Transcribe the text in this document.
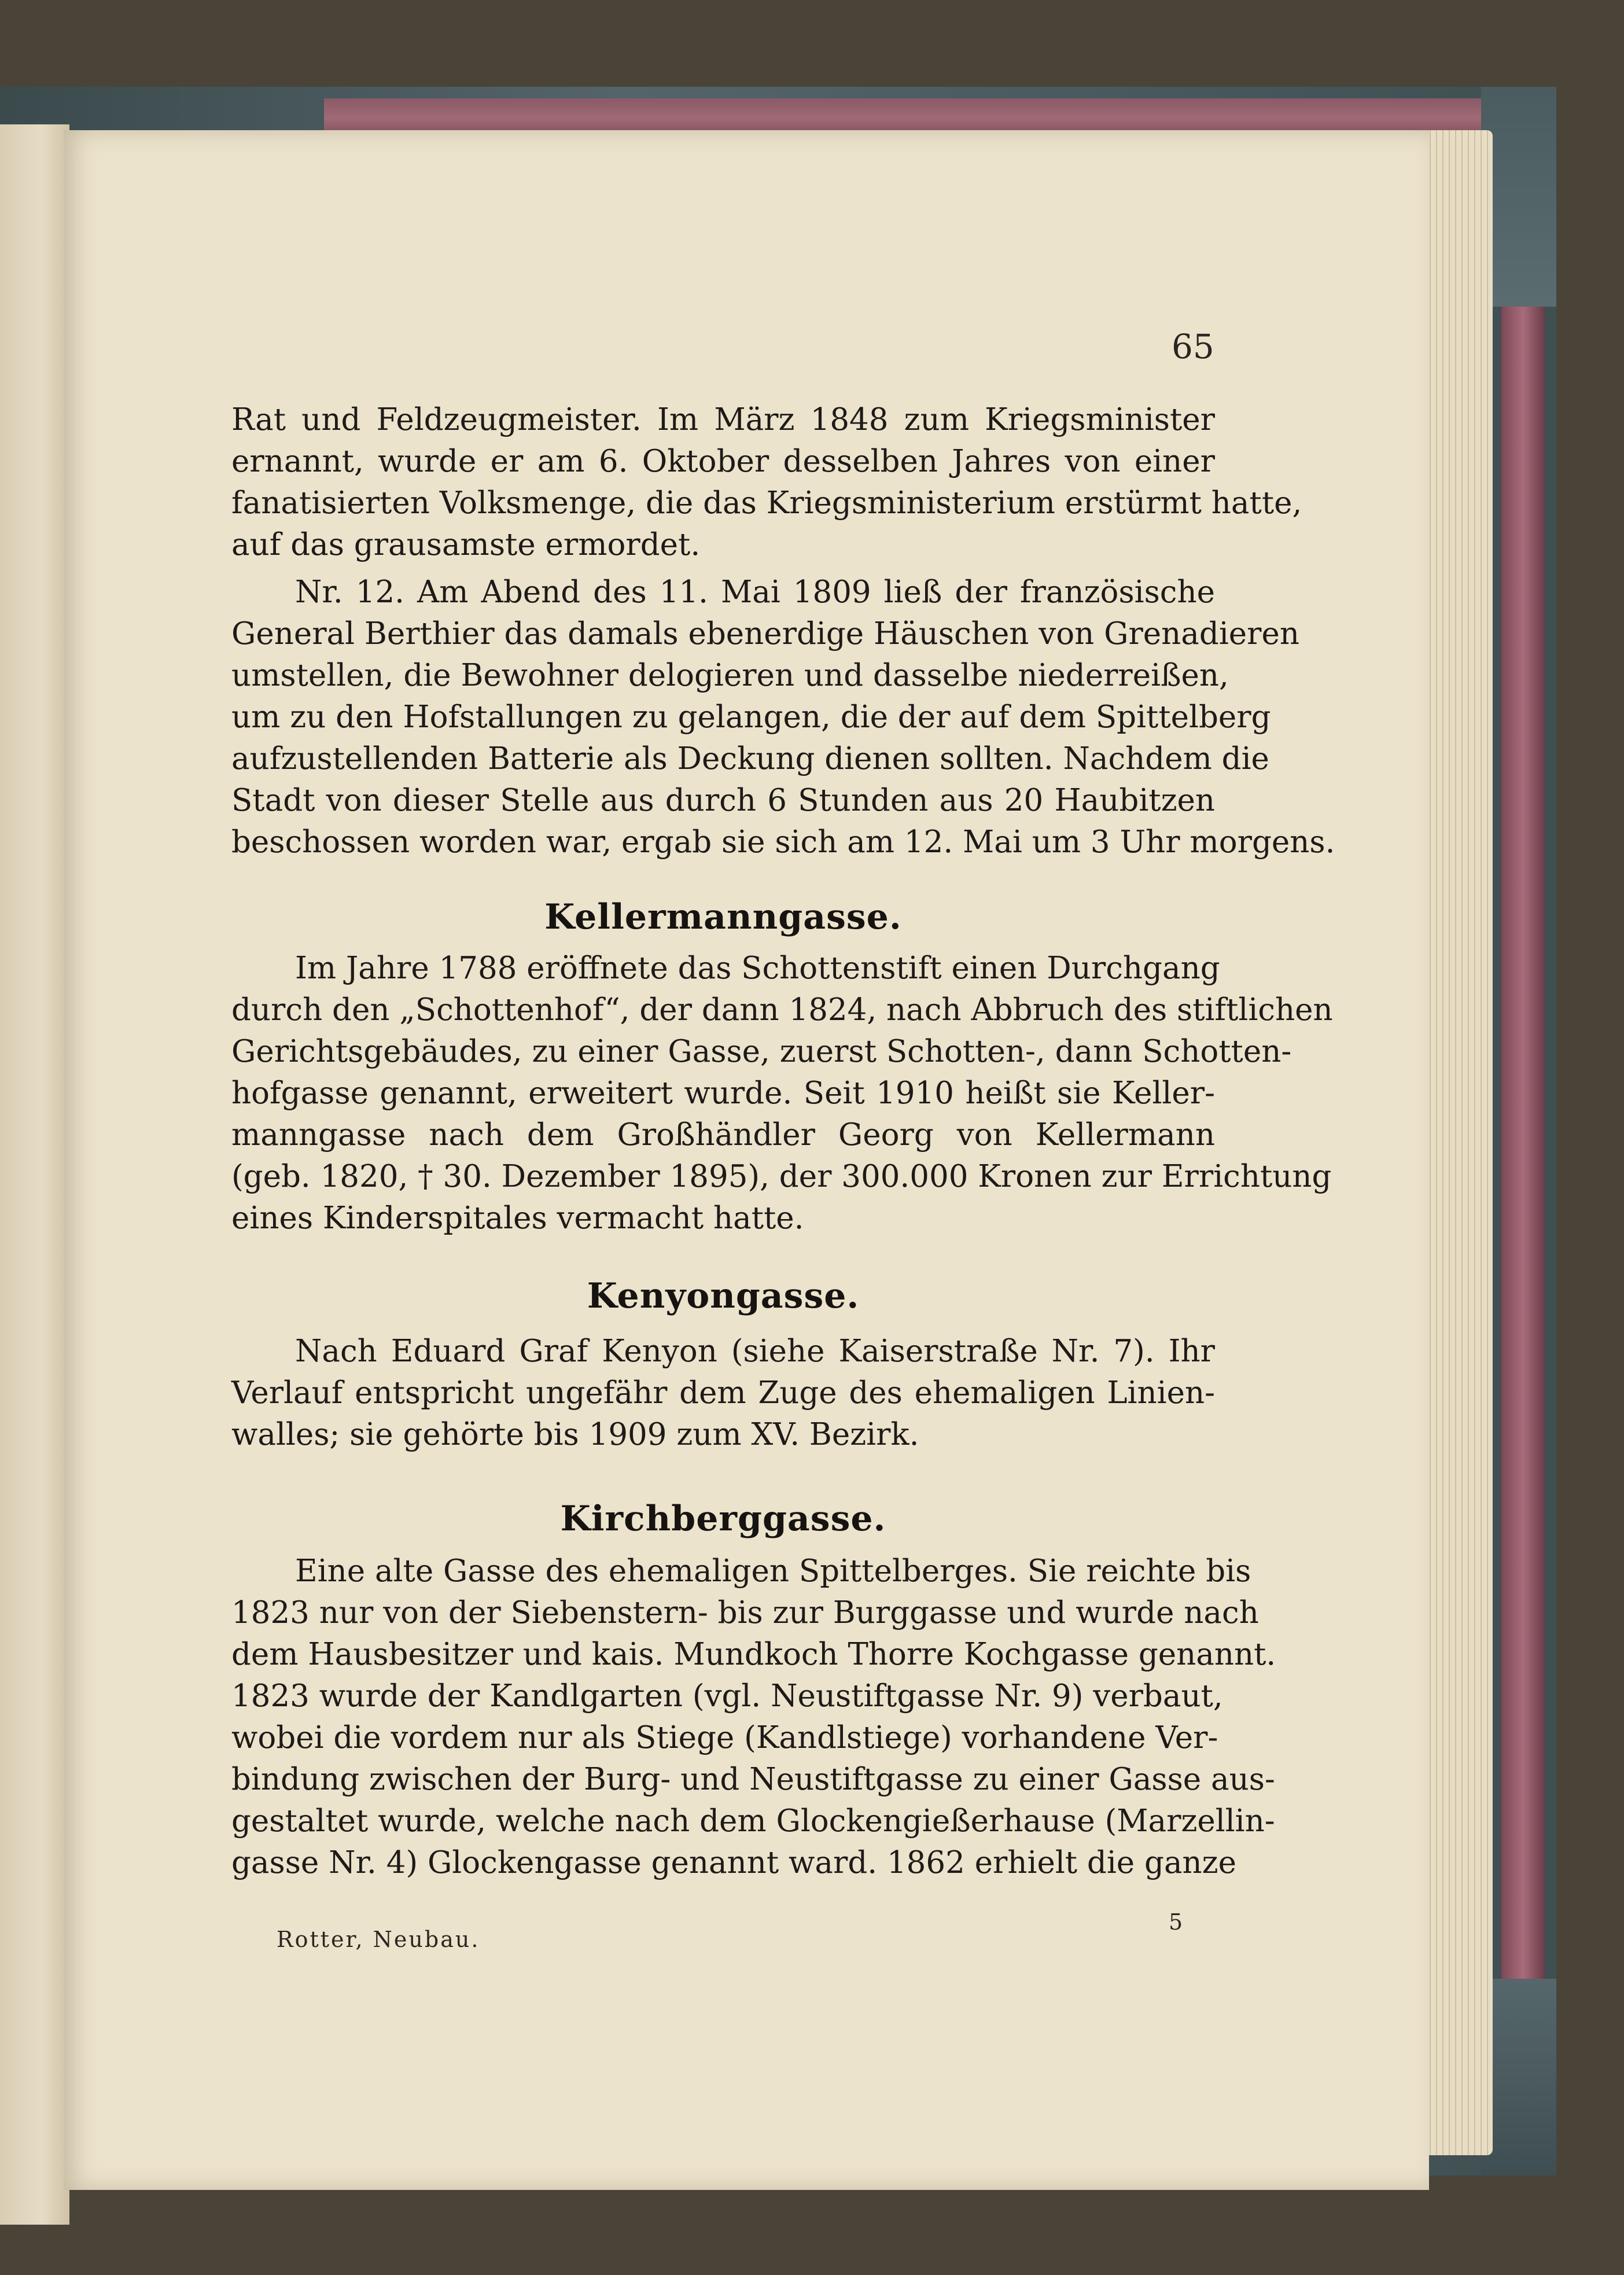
65
Rat und Feldzeugmeister. Im März 1848 zum Kriegsminister
ernannt, wurde er am 6. Oktober desselben Jahres von einer
fanatisierten Volksmenge, die das Kriegsministerium erstürmt hatte,
auf das grausamste ermordet.
Nr. 12. Am Abend des 11. Mai 1809 ließ der französische
General Berthier das damals ebenerdige Häuschen von Grenadieren
umstellen, die Bewohner delogieren und dasselbe niederreißen,
um zu den Hofstallungen zu gelangen, die der auf dem Spittelberg
aufzustellenden Batterie als Deckung dienen sollten. Nachdem die
Stadt von dieser Stelle aus durch 6 Stunden aus 20 Haubitzen
beschossen worden war, ergab sie sich am 12. Mai um 3 Uhr morgens.
Kellermanngasse.
Im Jahre 1788 eröffnete das Schottenstift einen Durchgang
durch den „Schottenhof“, der dann 1824, nach Abbruch des stiftlichen
Gerichtsgebäudes, zu einer Gasse, zuerst Schotten-, dann Schotten-
hofgasse genannt, erweitert wurde. Seit 1910 heißt sie Keller-
manngasse nach dem Großhändler Georg von Kellermann
(geb. 1820, † 30. Dezember 1895), der 300.000 Kronen zur Errichtung
eines Kinderspitales vermacht hatte.
Kenyongasse.
Nach Eduard Graf Kenyon (siehe Kaiserstraße Nr. 7). Ihr
Verlauf entspricht ungefähr dem Zuge des ehemaligen Linien-
walles; sie gehörte bis 1909 zum XV. Bezirk.
Kirchberggasse.
Eine alte Gasse des ehemaligen Spittelberges. Sie reichte bis
1823 nur von der Siebenstern- bis zur Burggasse und wurde nach
dem Hausbesitzer und kais. Mundkoch Thorre Kochgasse genannt.
1823 wurde der Kandlgarten (vgl. Neustiftgasse Nr. 9) verbaut,
wobei die vordem nur als Stiege (Kandlstiege) vorhandene Ver-
bindung zwischen der Burg- und Neustiftgasse zu einer Gasse aus-
gestaltet wurde, welche nach dem Glockengießerhause (Marzellin-
gasse Nr. 4) Glockengasse genannt ward. 1862 erhielt die ganze
Rotter, Neubau.
5
